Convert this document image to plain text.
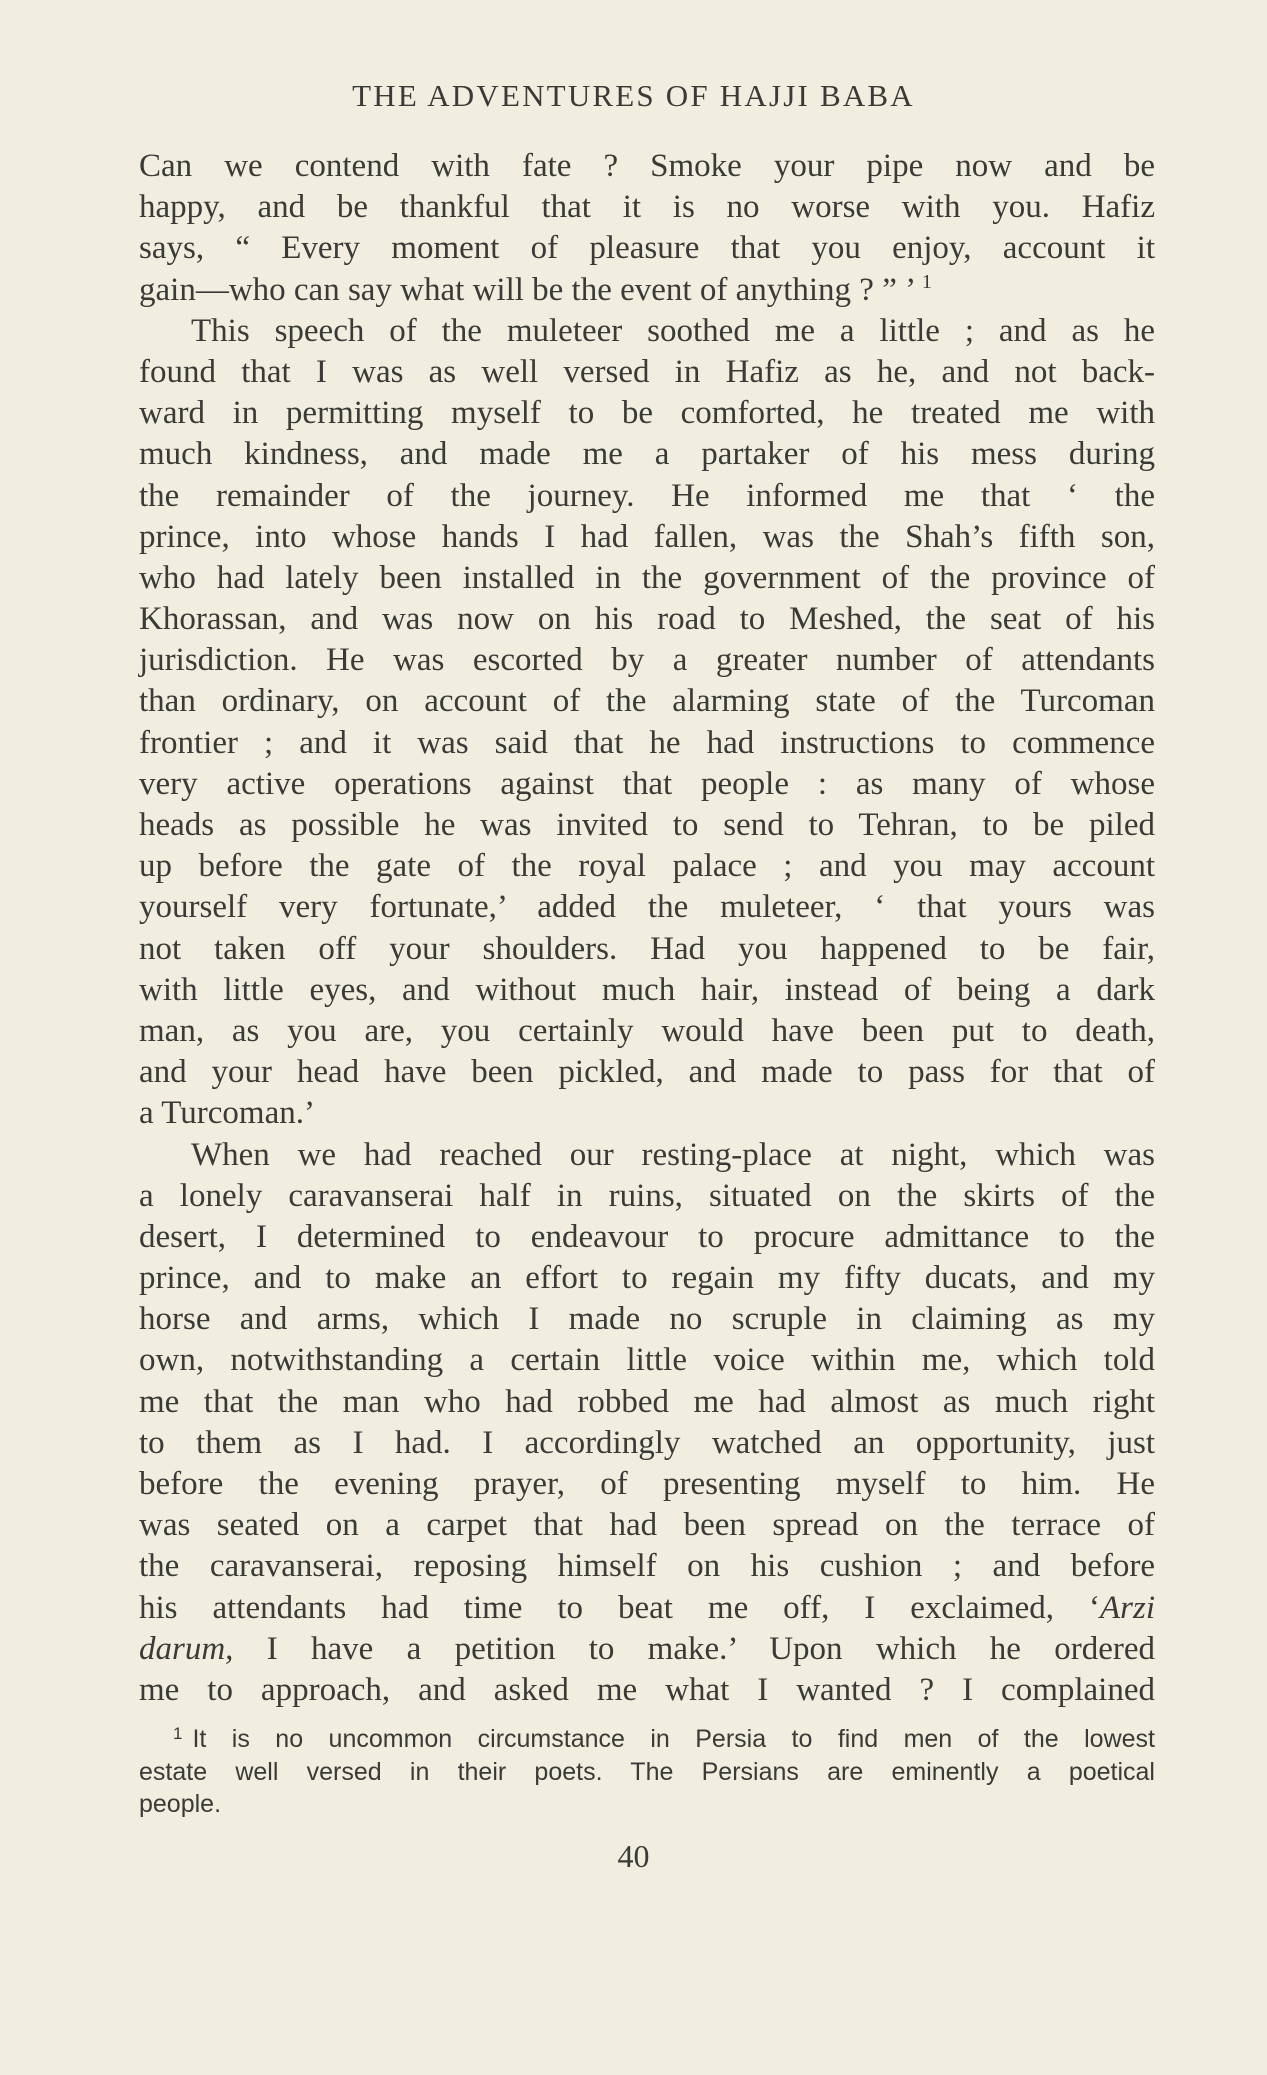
THE ADVENTURES OF HAJJI BABA
Can we contend with fate ? Smoke your pipe now and be
happy, and be thankful that it is no worse with you. Hafiz
says, “ Every moment of pleasure that you enjoy, account it
gain—who can say what will be the event of anything ? ” ’ $^1$
This speech of the muleteer soothed me a little ; and as he
found that I was as well versed in Hafiz as he, and not back-
ward in permitting myself to be comforted, he treated me with
much kindness, and made me a partaker of his mess during
the remainder of the journey. He informed me that ‘ the
prince, into whose hands I had fallen, was the Shah’s fifth son,
who had lately been installed in the government of the province of
Khorassan, and was now on his road to Meshed, the seat of his
jurisdiction. He was escorted by a greater number of attendants
than ordinary, on account of the alarming state of the Turcoman
frontier ; and it was said that he had instructions to commence
very active operations against that people : as many of whose
heads as possible he was invited to send to Tehran, to be piled
up before the gate of the royal palace ; and you may account
yourself very fortunate,’ added the muleteer, ‘ that yours was
not taken off your shoulders. Had you happened to be fair,
with little eyes, and without much hair, instead of being a dark
man, as you are, you certainly would have been put to death,
and your head have been pickled, and made to pass for that of
a Turcoman.’
When we had reached our resting-place at night, which was
a lonely caravanserai half in ruins, situated on the skirts of the
desert, I determined to endeavour to procure admittance to the
prince, and to make an effort to regain my fifty ducats, and my
horse and arms, which I made no scruple in claiming as my
own, notwithstanding a certain little voice within me, which told
me that the man who had robbed me had almost as much right
to them as I had. I accordingly watched an opportunity, just
before the evening prayer, of presenting myself to him. He
was seated on a carpet that had been spread on the terrace of
the caravanserai, reposing himself on his cushion ; and before
his attendants had time to beat me off, I exclaimed, ‘Arzi
darum, I have a petition to make.’ Upon which he ordered
me to approach, and asked me what I wanted ? I complained
$^1$ It is no uncommon circumstance in Persia to find men of the lowest
estate well versed in their poets. The Persians are eminently a poetical
people.
40
